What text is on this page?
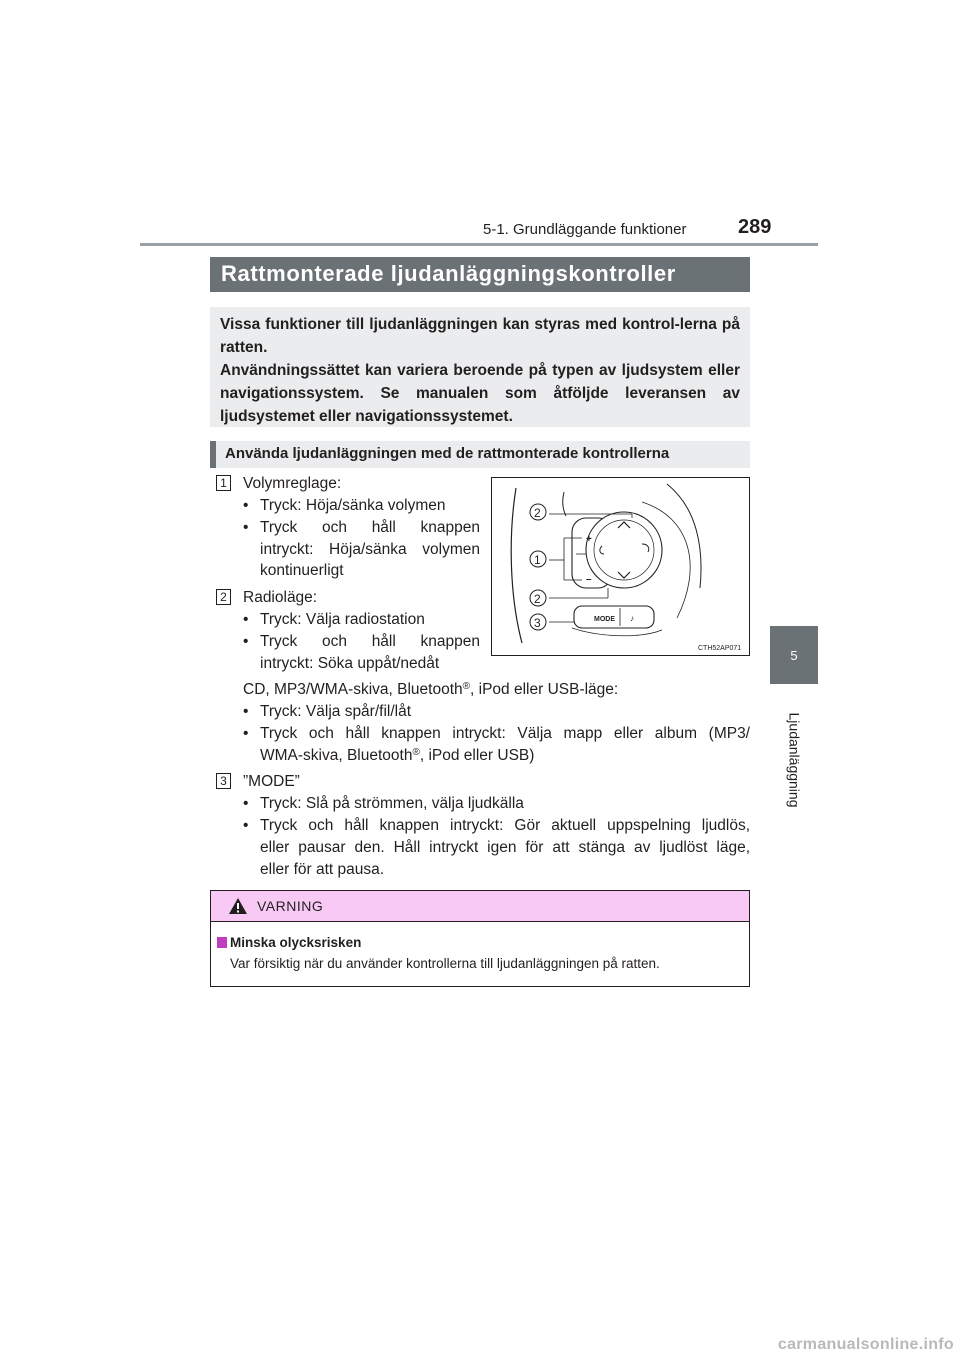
5-1. Grundläggande funktioner	289
5
Ljudanläggning
Rattmonterade ljudanläggningskontroller

Vissa funktioner till ljudanläggningen kan styras med kontrol-lerna på ratten.

Användningssättet kan variera beroende på typen av ljudsystem eller navigationssystem. Se manualen som åtföljde leveransen av ljudsystemet eller navigationssystemet.

Använda ljudanläggningen med de rattmonterade kontrollerna
1 Volymreglage:
• Tryck: Höja/sänka volymen
• Tryck och håll knappen
intryckt: Höja/sänka volymen
kontinuerligt
2 Radioläge:
• Tryck: Välja radiostation
• Tryck och håll knappen
intryckt: Söka uppåt/nedåt
CD, MP3/WMA-skiva, Bluetooth®, iPod eller USB-läge:
• Tryck: Välja spår/fil/låt
• Tryck och håll knappen intryckt: Välja mapp eller album (MP3/
WMA-skiva, Bluetooth®, iPod eller USB)
3 ”MODE”
• Tryck: Slå på strömmen, välja ljudkälla
• Tryck och håll knappen intryckt: Gör aktuell uppspelning ljudlös,
eller pausar den. Håll intryckt igen för att stänga av ljudlöst läge,
eller för att pausa.
MODE ♪
+
–
2
1
2
3
CTH52AP071
VARNING
Minska olycksrisken
Var försiktig när du använder kontrollerna till ljudanläggningen på ratten.
carmanualsonline.info
